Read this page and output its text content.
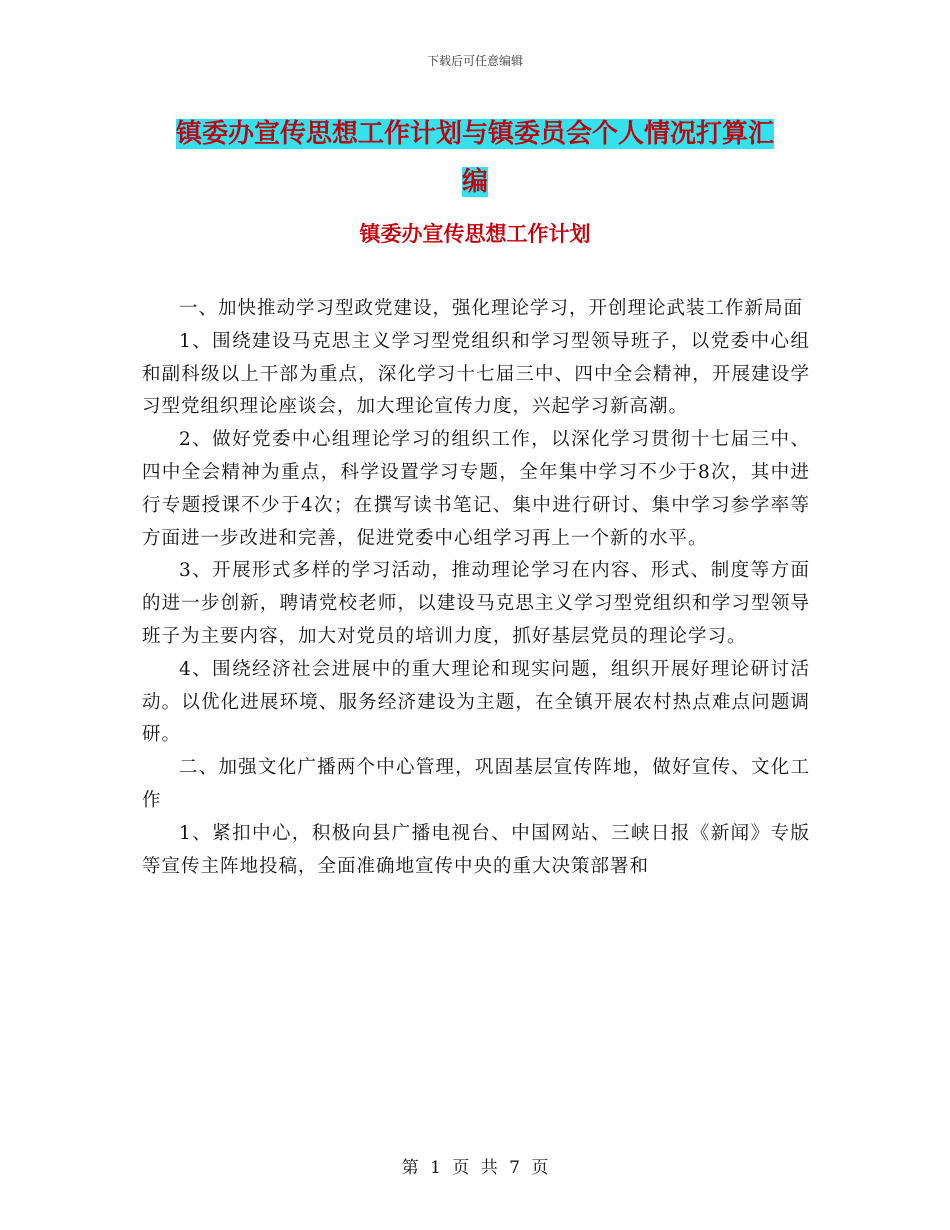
下载后可任意编辑
镇委办宣传思想工作计划与镇委员会个人情况打算汇
编
镇委办宣传思想工作计划

一、加快推动学习型政党建设，强化理论学习，开创理论武装工作新局面

1、围绕建设马克思主义学习型党组织和学习型领导班子，以党委中心组和副科级以上干部为重点，深化学习十七届三中、四中全会精神，开展建设学习型党组织理论座谈会，加大理论宣传力度，兴起学习新高潮。

2、做好党委中心组理论学习的组织工作，以深化学习贯彻十七届三中、四中全会精神为重点，科学设置学习专题，全年集中学习不少于8次，其中进行专题授课不少于4次；在撰写读书笔记、集中进行研讨、集中学习参学率等方面进一步改进和完善，促进党委中心组学习再上一个新的水平。

3、开展形式多样的学习活动，推动理论学习在内容、形式、制度等方面的进一步创新，聘请党校老师，以建设马克思主义学习型党组织和学习型领导班子为主要内容，加大对党员的培训力度，抓好基层党员的理论学习。

4、围绕经济社会进展中的重大理论和现实问题，组织开展好理论研讨活动。以优化进展环境、服务经济建设为主题，在全镇开展农村热点难点问题调研。

二、加强文化广播两个中心管理，巩固基层宣传阵地，做好宣传、文化工作

1、紧扣中心，积极向县广播电视台、中国网站、三峡日报《新闻》专版等宣传主阵地投稿，全面准确地宣传中央的重大决策部署和

第 1 页 共 7 页
